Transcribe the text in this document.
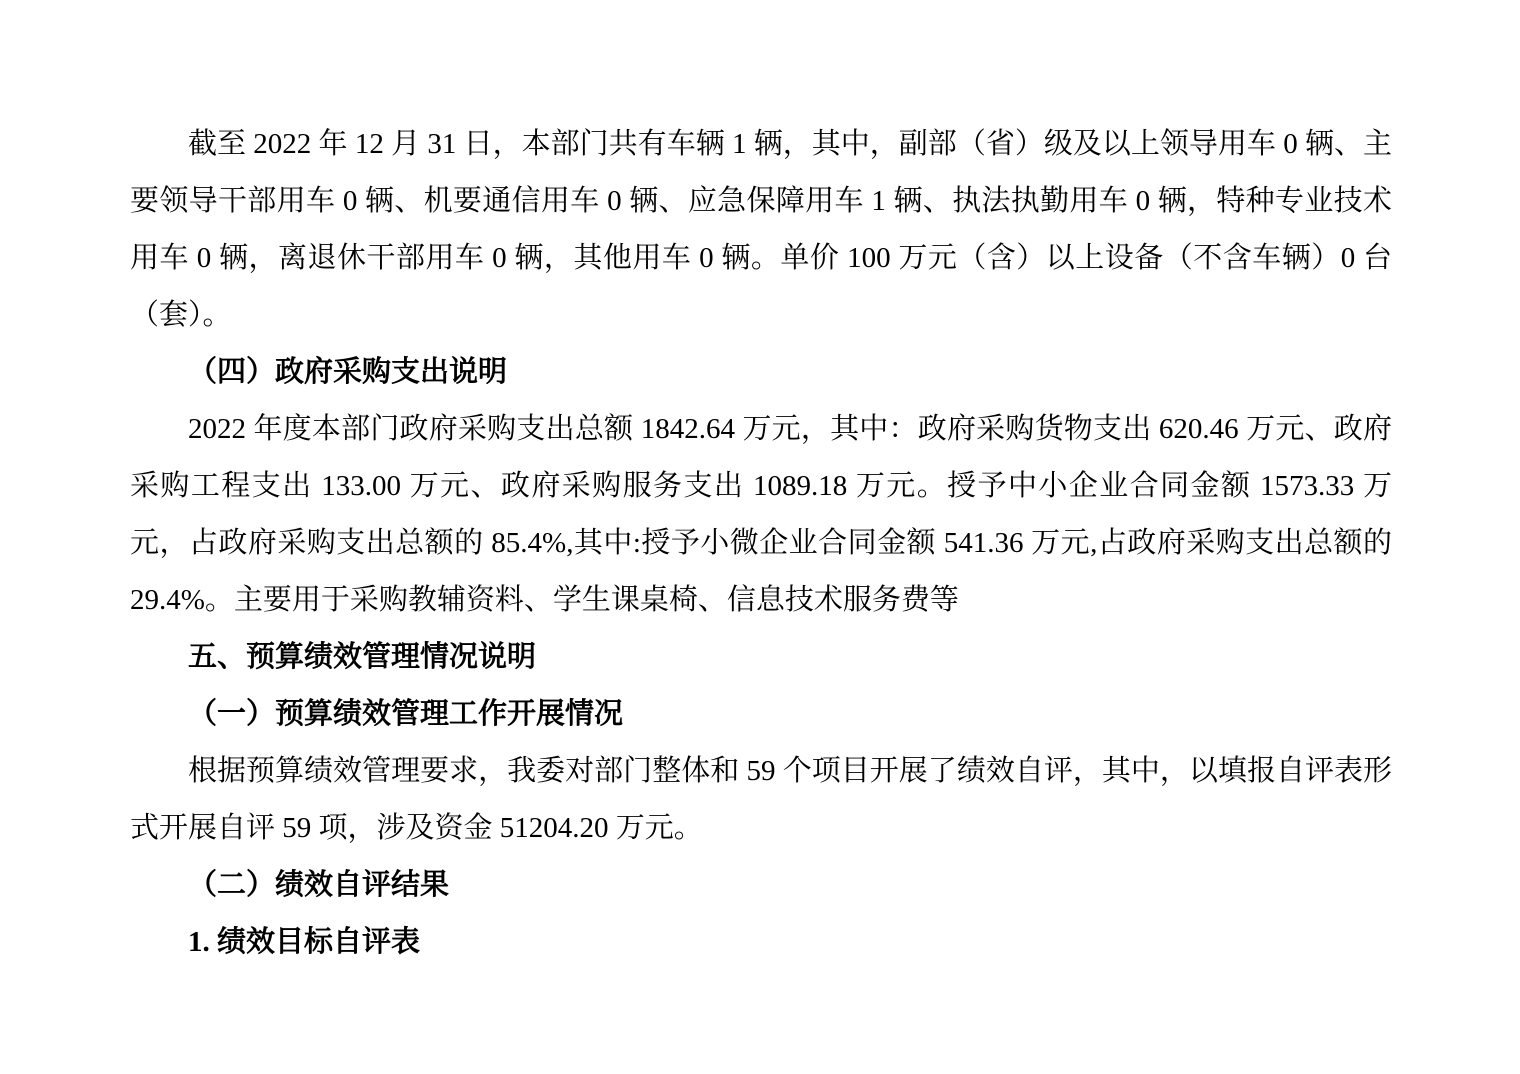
截至 2022 年 12 月 31 日，本部门共有车辆 1 辆，其中，副部（省）级及以上领导用车 0 辆、主要领导干部用车 0 辆、机要通信用车 0 辆、应急保障用车 1 辆、执法执勤用车 0 辆，特种专业技术用车 0 辆，离退休干部用车 0 辆，其他用车 0 辆。单价 100 万元（含）以上设备（不含车辆）0 台（套）。

（四）政府采购支出说明

2022 年度本部门政府采购支出总额 1842.64 万元，其中：政府采购货物支出 620.46 万元、政府采购工程支出 133.00 万元、政府采购服务支出 1089.18 万元。授予中小企业合同金额 1573.33 万元，占政府采购支出总额的 85.4%,其中:授予小微企业合同金额 541.36 万元,占政府采购支出总额的 29.4%。主要用于采购教辅资料、学生课桌椅、信息技术服务费等

五、预算绩效管理情况说明

（一）预算绩效管理工作开展情况

根据预算绩效管理要求，我委对部门整体和 59 个项目开展了绩效自评，其中，以填报自评表形式开展自评 59 项，涉及资金 51204.20 万元。

（二）绩效自评结果

1. 绩效目标自评表
